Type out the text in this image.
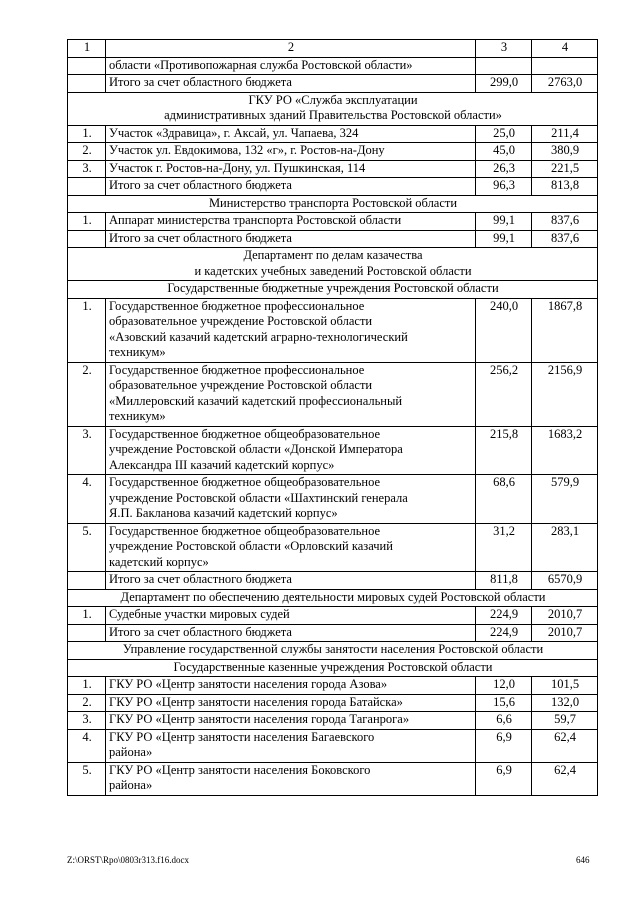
1	2	3	4
	области «Противопожарная служба Ростовской области»		
	Итого за счет областного бюджета	299,0	2763,0
ГКУ РО «Служба эксплуатации
административных зданий Правительства Ростовской области»			
1.	Участок «Здравица», г. Аксай, ул. Чапаева, 324	25,0	211,4
2.	Участок ул. Евдокимова, 132 «г», г. Ростов-на-Дону	45,0	380,9
3.	Участок г. Ростов-на-Дону, ул. Пушкинская, 114	26,3	221,5
	Итого за счет областного бюджета	96,3	813,8
Министерство транспорта Ростовской области			
1.	Аппарат министерства транспорта Ростовской области	99,1	837,6
	Итого за счет областного бюджета	99,1	837,6
Департамент по делам казачества
и кадетских учебных заведений Ростовской области			
Государственные бюджетные учреждения Ростовской области			
1.	Государственное бюджетное профессиональное
образовательное учреждение Ростовской области
«Азовский казачий кадетский аграрно-технологический
техникум»	240,0	1867,8
2.	Государственное бюджетное профессиональное
образовательное учреждение Ростовской области
«Миллеровский казачий кадетский профессиональный
техникум»	256,2	2156,9
3.	Государственное бюджетное общеобразовательное
учреждение Ростовской области «Донской Императора
Александра III казачий кадетский корпус»	215,8	1683,2
4.	Государственное бюджетное общеобразовательное
учреждение Ростовской области «Шахтинский генерала
Я.П. Бакланова казачий кадетский корпус»	68,6	579,9
5.	Государственное бюджетное общеобразовательное
учреждение Ростовской области «Орловский казачий
кадетский корпус»	31,2	283,1
	Итого за счет областного бюджета	811,8	6570,9
Департамент по обеспечению деятельности мировых судей Ростовской области			
1.	Судебные участки мировых судей	224,9	2010,7
	Итого за счет областного бюджета	224,9	2010,7
Управление государственной службы занятости населения Ростовской области			
Государственные казенные учреждения Ростовской области			
1.	ГКУ РО «Центр занятости населения города Азова»	12,0	101,5
2.	ГКУ РО «Центр занятости населения города Батайска»	15,6	132,0
3.	ГКУ РО «Центр занятости населения города Таганрога»	6,6	59,7
4.	ГКУ РО «Центр занятости населения Багаевского
района»	6,9	62,4
5.	ГКУ РО «Центр занятости населения Боковского
района»	6,9	62,4
Z:\ORST\Rpo\0803r313.f16.docx	646
